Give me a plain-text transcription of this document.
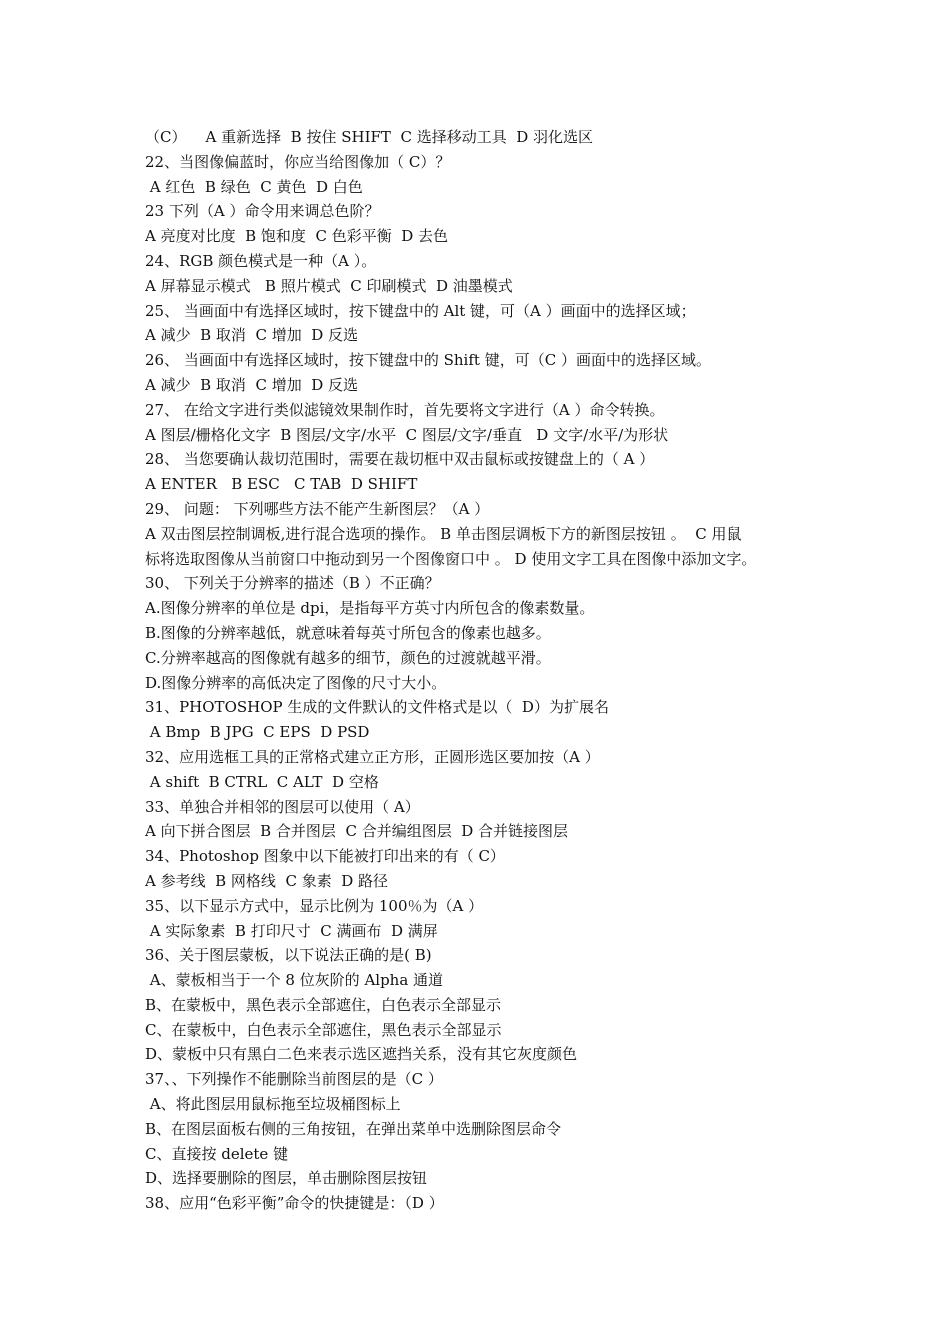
（C）    A 重新选择  B 按住 SHIFT  C 选择移动工具  D 羽化选区
22、当图像偏蓝时，你应当给图像加（ C）？
A 红色  B 绿色  C 黄色  D 白色
23 下列（A ）命令用来调总色阶？
A 亮度对比度  B 饱和度  C 色彩平衡  D 去色
24、RGB 颜色模式是一种（A ）。
A 屏幕显示模式   B 照片模式  C 印刷模式  D 油墨模式
25、 当画面中有选择区域时，按下键盘中的 Alt 键，可（A ）画面中的选择区域；
A 减少  B 取消  C 增加  D 反选
26、 当画面中有选择区域时，按下键盘中的 Shift 键，可（C ）画面中的选择区域。
A 减少  B 取消  C 增加  D 反选
27、 在给文字进行类似滤镜效果制作时，首先要将文字进行（A ）命令转换。
A 图层/栅格化文字  B 图层/文字/水平  C 图层/文字/垂直   D 文字/水平/为形状
28、 当您要确认裁切范围时，需要在裁切框中双击鼠标或按键盘上的（ A ）
A ENTER   B ESC   C TAB  D SHIFT
29、 问题： 下列哪些方法不能产生新图层？（A ）
A 双击图层控制调板,进行混合选项的操作。 B 单击图层调板下方的新图层按钮 。  C 用鼠
标将选取图像从当前窗口中拖动到另一个图像窗口中 。 D 使用文字工具在图像中添加文字。
30、 下列关于分辨率的描述（B ）不正确？
A.图像分辨率的单位是 dpi，是指每平方英寸内所包含的像素数量。
B.图像的分辨率越低，就意味着每英寸所包含的像素也越多。
C.分辨率越高的图像就有越多的细节，颜色的过渡就越平滑。
D.图像分辨率的高低决定了图像的尺寸大小。
31、PHOTOSHOP 生成的文件默认的文件格式是以（  D）为扩展名
A Bmp  B JPG  C EPS  D PSD
32、应用选框工具的正常格式建立正方形，正圆形选区要加按（A ）
A shift  B CTRL  C ALT  D 空格
33、单独合并相邻的图层可以使用（ A）
A 向下拼合图层  B 合并图层  C 合并编组图层  D 合并链接图层
34、Photoshop 图象中以下能被打印出来的有（ C）
A 参考线  B 网格线  C 象素  D 路径
35、以下显示方式中，显示比例为 100％为（A ）
A 实际象素  B 打印尺寸  C 满画布  D 满屏
36、关于图层蒙板，以下说法正确的是( B)
A、蒙板相当于一个 8 位灰阶的 Alpha 通道
B、在蒙板中，黑色表示全部遮住，白色表示全部显示
C、在蒙板中，白色表示全部遮住，黑色表示全部显示
D、蒙板中只有黑白二色来表示选区遮挡关系，没有其它灰度颜色
37、、下列操作不能删除当前图层的是（C ）
A、将此图层用鼠标拖至垃圾桶图标上
B、在图层面板右侧的三角按钮，在弹出菜单中选删除图层命令
C、直接按 delete 键
D、选择要删除的图层，单击删除图层按钮
38、应用“色彩平衡”命令的快捷键是：（D ）
